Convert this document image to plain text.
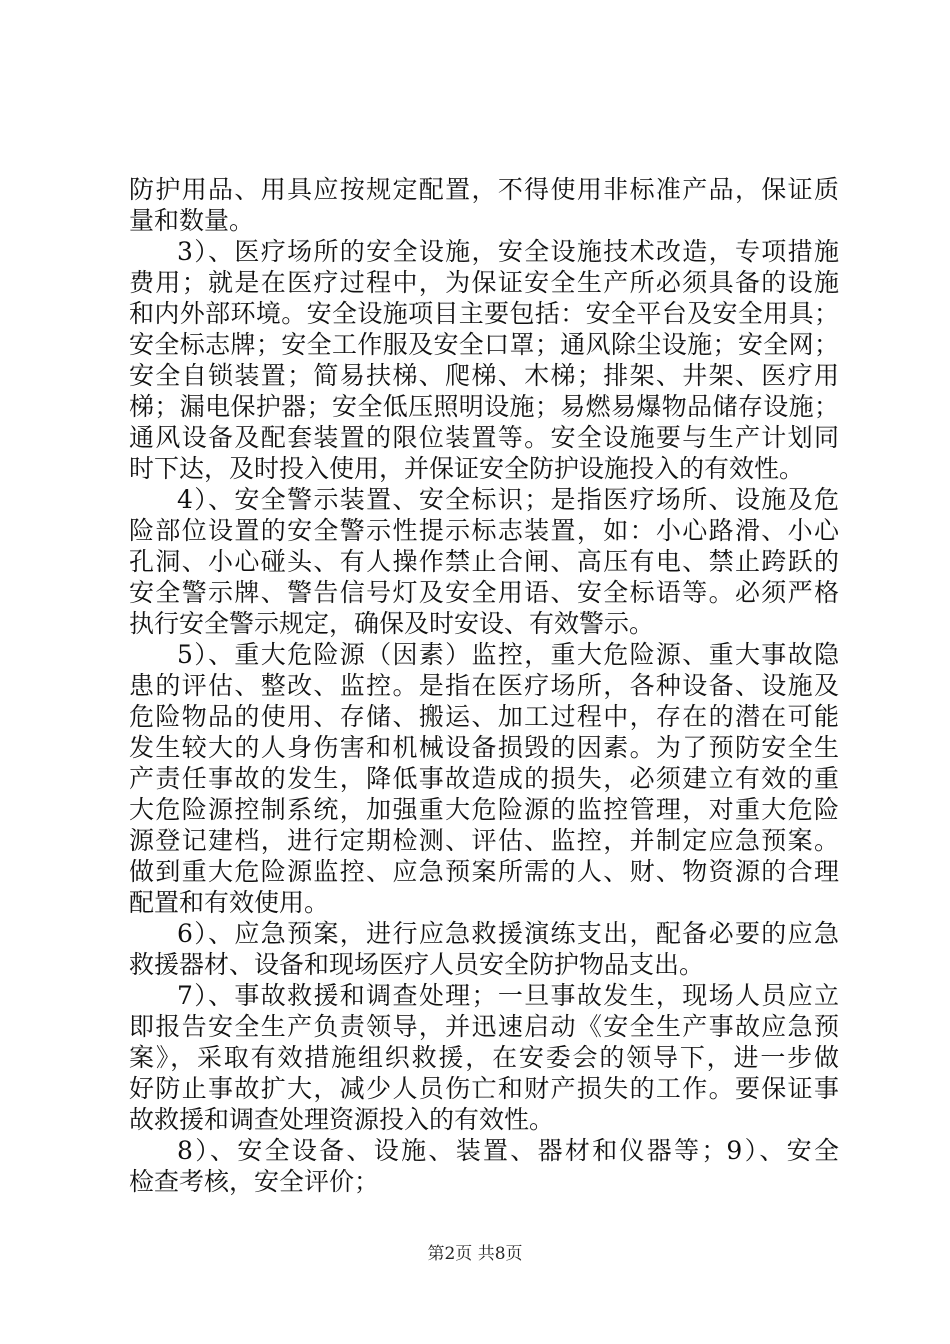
防护用品、用具应按规定配置，不得使用非标准产品，保证质
量和数量。
3）、医疗场所的安全设施，安全设施技术改造，专项措施
费用；就是在医疗过程中，为保证安全生产所必须具备的设施
和内外部环境。安全设施项目主要包括：安全平台及安全用具；
安全标志牌；安全工作服及安全口罩；通风除尘设施；安全网；
安全自锁装置；简易扶梯、爬梯、木梯；排架、井架、医疗用
梯；漏电保护器；安全低压照明设施；易燃易爆物品储存设施；
通风设备及配套装置的限位装置等。安全设施要与生产计划同
时下达，及时投入使用，并保证安全防护设施投入的有效性。
4）、安全警示装置、安全标识；是指医疗场所、设施及危
险部位设置的安全警示性提示标志装置，如：小心路滑、小心
孔洞、小心碰头、有人操作禁止合闸、高压有电、禁止跨跃的
安全警示牌、警告信号灯及安全用语、安全标语等。必须严格
执行安全警示规定，确保及时安设、有效警示。
5）、重大危险源（因素）监控，重大危险源、重大事故隐
患的评估、整改、监控。是指在医疗场所，各种设备、设施及
危险物品的使用、存储、搬运、加工过程中，存在的潜在可能
发生较大的人身伤害和机械设备损毁的因素。为了预防安全生
产责任事故的发生，降低事故造成的损失，必须建立有效的重
大危险源控制系统，加强重大危险源的监控管理，对重大危险
源登记建档，进行定期检测、评估、监控，并制定应急预案。
做到重大危险源监控、应急预案所需的人、财、物资源的合理
配置和有效使用。
6）、应急预案，进行应急救援演练支出，配备必要的应急
救援器材、设备和现场医疗人员安全防护物品支出。
7）、事故救援和调查处理；一旦事故发生，现场人员应立
即报告安全生产负责领导，并迅速启动《安全生产事故应急预
案》，采取有效措施组织救援，在安委会的领导下，进一步做
好防止事故扩大，减少人员伤亡和财产损失的工作。要保证事
故救援和调查处理资源投入的有效性。
8）、安全设备、设施、装置、器材和仪器等；9）、安全
检查考核，安全评价；
第2页 共8页
